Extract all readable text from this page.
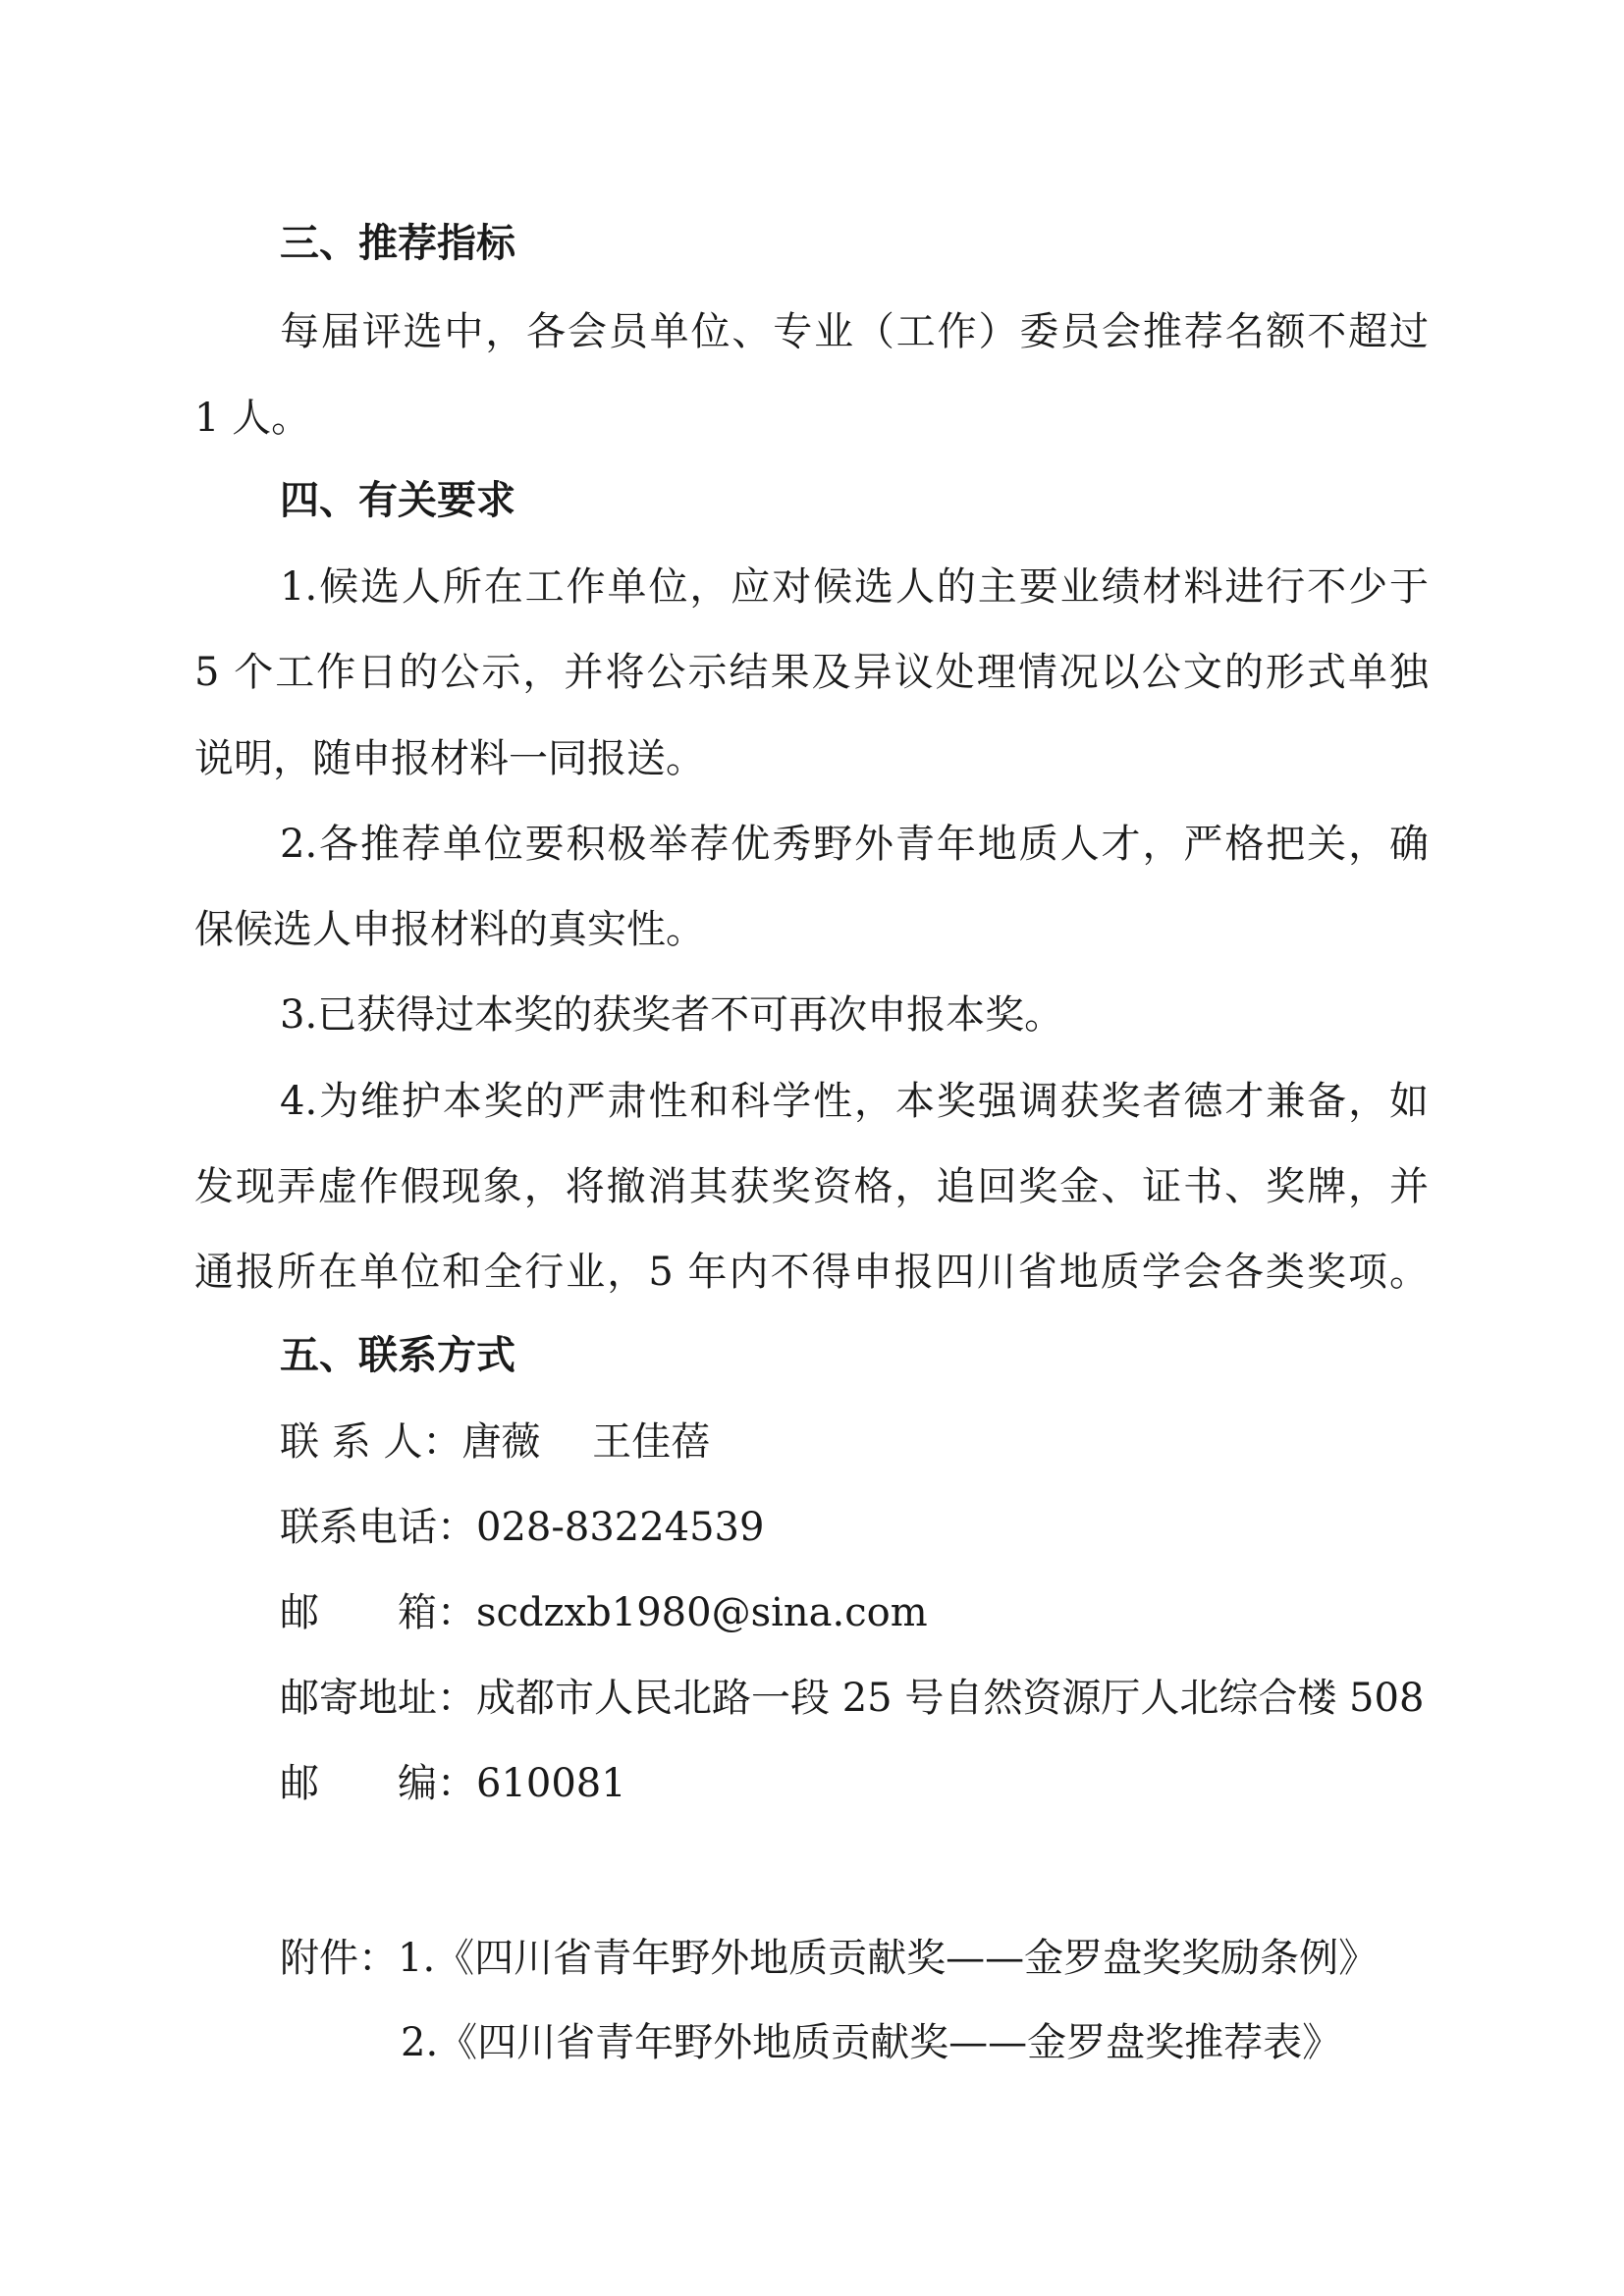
三、推荐指标
每届评选中，各会员单位、专业（工作）委员会推荐名额不超过
1 人。
四、有关要求
1.候选人所在工作单位，应对候选人的主要业绩材料进行不少于
5 个工作日的公示，并将公示结果及异议处理情况以公文的形式单独
说明，随申报材料一同报送。
2.各推荐单位要积极举荐优秀野外青年地质人才，严格把关，确
保候选人申报材料的真实性。
3.已获得过本奖的获奖者不可再次申报本奖。
4.为维护本奖的严肃性和科学性，本奖强调获奖者德才兼备，如
发现弄虚作假现象，将撤消其获奖资格，追回奖金、证书、奖牌，并
通报所在单位和全行业，5 年内不得申报四川省地质学会各类奖项。
五、联系方式
联 系 人：唐薇　 王佳蓓
联系电话：028-83224539
邮　　箱：scdzxb1980@sina.com
邮寄地址：成都市人民北路一段 25 号自然资源厅人北综合楼 508
邮　　编：610081
附件：1.《四川省青年野外地质贡献奖——金罗盘奖奖励条例》
2.《四川省青年野外地质贡献奖——金罗盘奖推荐表》
